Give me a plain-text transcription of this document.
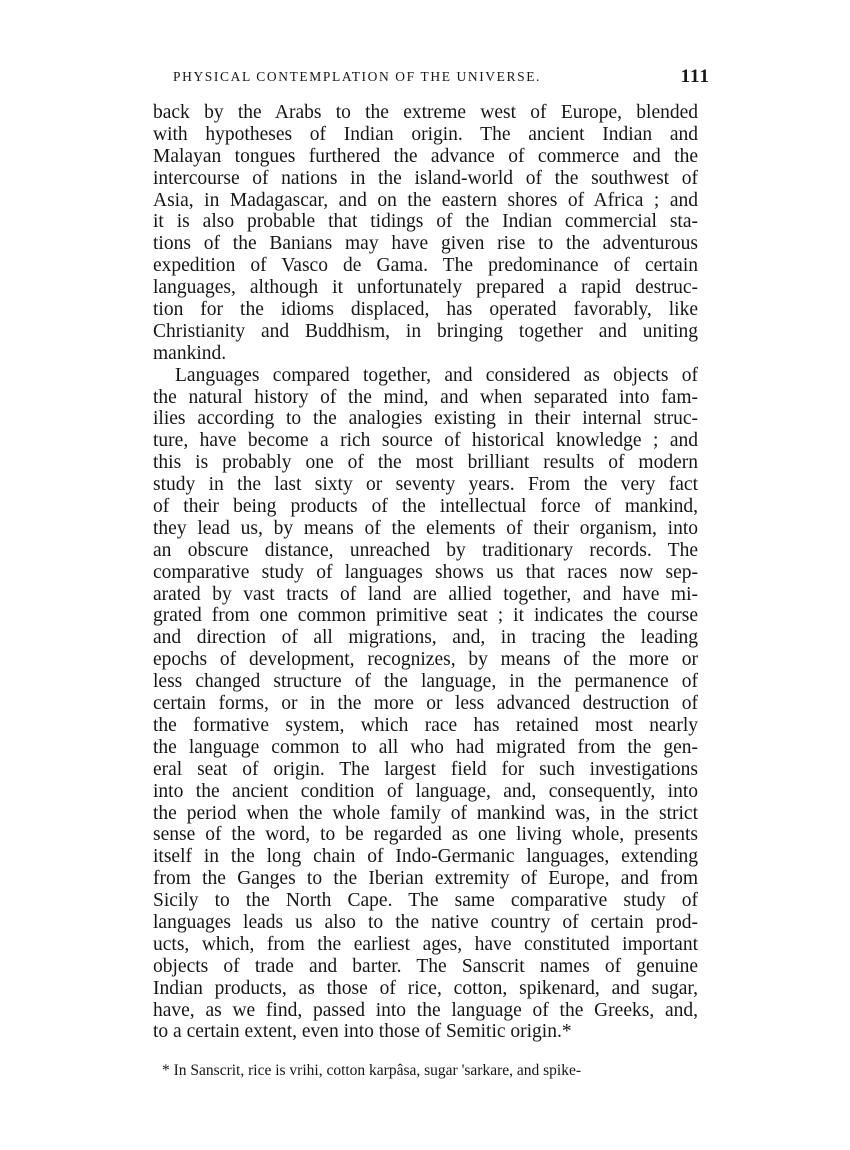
PHYSICAL CONTEMPLATION OF THE UNIVERSE.	111
back by the Arabs to the extreme west of Europe, blended
with hypotheses of Indian origin. The ancient Indian and
Malayan tongues furthered the advance of commerce and the
intercourse of nations in the island-world of the southwest of
Asia, in Madagascar, and on the eastern shores of Africa ; and
it is also probable that tidings of the Indian commercial sta-
tions of the Banians may have given rise to the adventurous
expedition of Vasco de Gama. The predominance of certain
languages, although it unfortunately prepared a rapid destruc-
tion for the idioms displaced, has operated favorably, like
Christianity and Buddhism, in bringing together and uniting
mankind.
Languages compared together, and considered as objects of
the natural history of the mind, and when separated into fam-
ilies according to the analogies existing in their internal struc-
ture, have become a rich source of historical knowledge ; and
this is probably one of the most brilliant results of modern
study in the last sixty or seventy years. From the very fact
of their being products of the intellectual force of mankind,
they lead us, by means of the elements of their organism, into
an obscure distance, unreached by traditionary records. The
comparative study of languages shows us that races now sep-
arated by vast tracts of land are allied together, and have mi-
grated from one common primitive seat ; it indicates the course
and direction of all migrations, and, in tracing the leading
epochs of development, recognizes, by means of the more or
less changed structure of the language, in the permanence of
certain forms, or in the more or less advanced destruction of
the formative system, which race has retained most nearly
the language common to all who had migrated from the gen-
eral seat of origin. The largest field for such investigations
into the ancient condition of language, and, consequently, into
the period when the whole family of mankind was, in the strict
sense of the word, to be regarded as one living whole, presents
itself in the long chain of Indo-Germanic languages, extending
from the Ganges to the Iberian extremity of Europe, and from
Sicily to the North Cape. The same comparative study of
languages leads us also to the native country of certain prod-
ucts, which, from the earliest ages, have constituted important
objects of trade and barter. The Sanscrit names of genuine
Indian products, as those of rice, cotton, spikenard, and sugar,
have, as we find, passed into the language of the Greeks, and,
to a certain extent, even into those of Semitic origin.*
* In Sanscrit, rice is vrihi, cotton karpâsa, sugar 'sarkare, and spike-
